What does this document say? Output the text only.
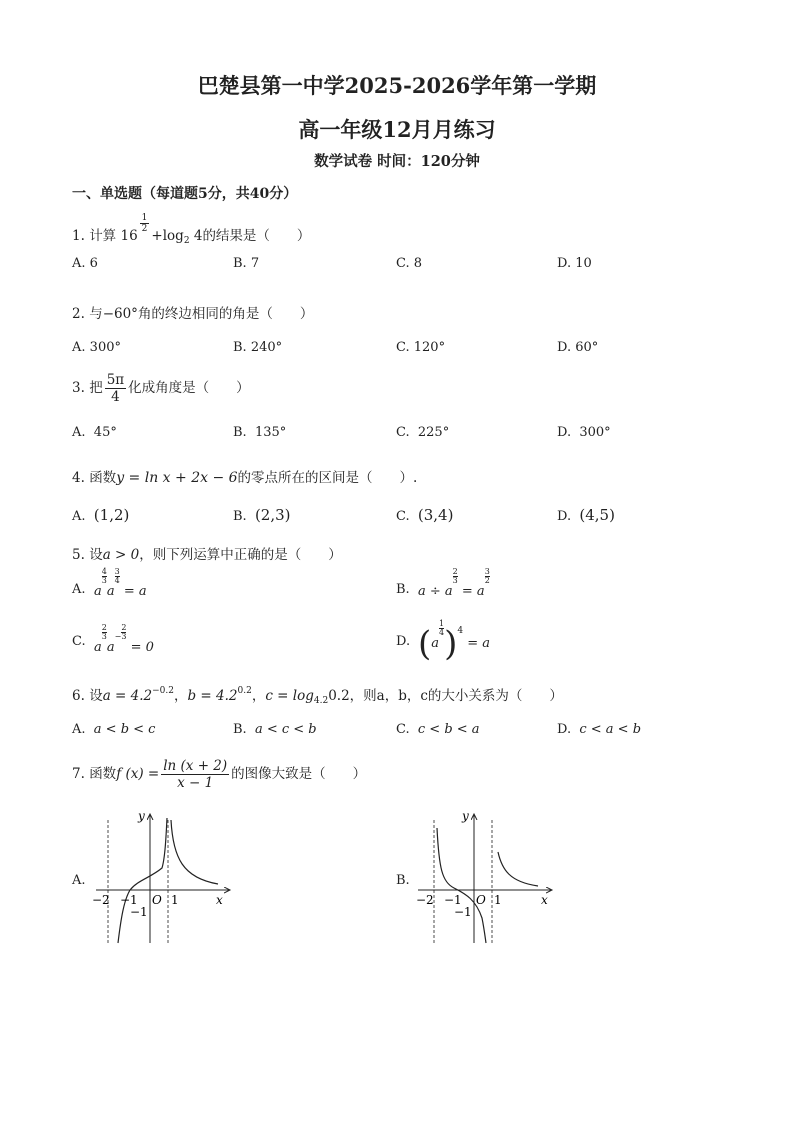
巴楚县第一中学2025-2026学年第一学期
高一年级12月月练习
数学试卷 时间：120分钟
一、单选题（每道题5分，共40分）
1. 计算 16
$^{\frac{1}{2}}$
$+\log_2$ 4的结果是（　　）
A. 6	B. 7	C. 8	D. 10
2. 与−60°角的终边相同的角是（　　）
A. 300°	B. 240°	C. 120°	D. 60°
3. 把 $\frac{5\pi}{4}$ 化成角度是（　　）
A. 45°	B. 135°	C. 225°	D. 300°
4. 函数y = ln x + 2x − 6的零点所在的区间是（　　）.
A. (1,2)	B. (2,3)	C. (3,4)	D. (4,5)
5. 设a > 0，则下列运算中正确的是（　　）
A. a
$\frac{4}{3}$
a
$\frac{3}{4}$
= a	B. a ÷ a
$\frac{2}{3}$
= a
$\frac{3}{2}$
C. a
$\frac{2}{3}$
$a^- \frac{2}{3}$
= 0	D. (a
$\frac{1}{4} )^4 = a$
6. 设$a = 4.2^{-0.2}$，$b = 4.2^{0.2}$，$c = \log_{4.2}0.2$，则a，b，c的大小关系为（　　）
A. a < b < c	B. a < c < b	C. c < b < a	D. c < a < b
7. 函数f $(x) = \frac{\ln (x + 2)}{x - 1}$ 的图像大致是（　　）
A.	B.
y
x
O
−2 −1	1
−1
y
x
O
−2 −1	1
−1
